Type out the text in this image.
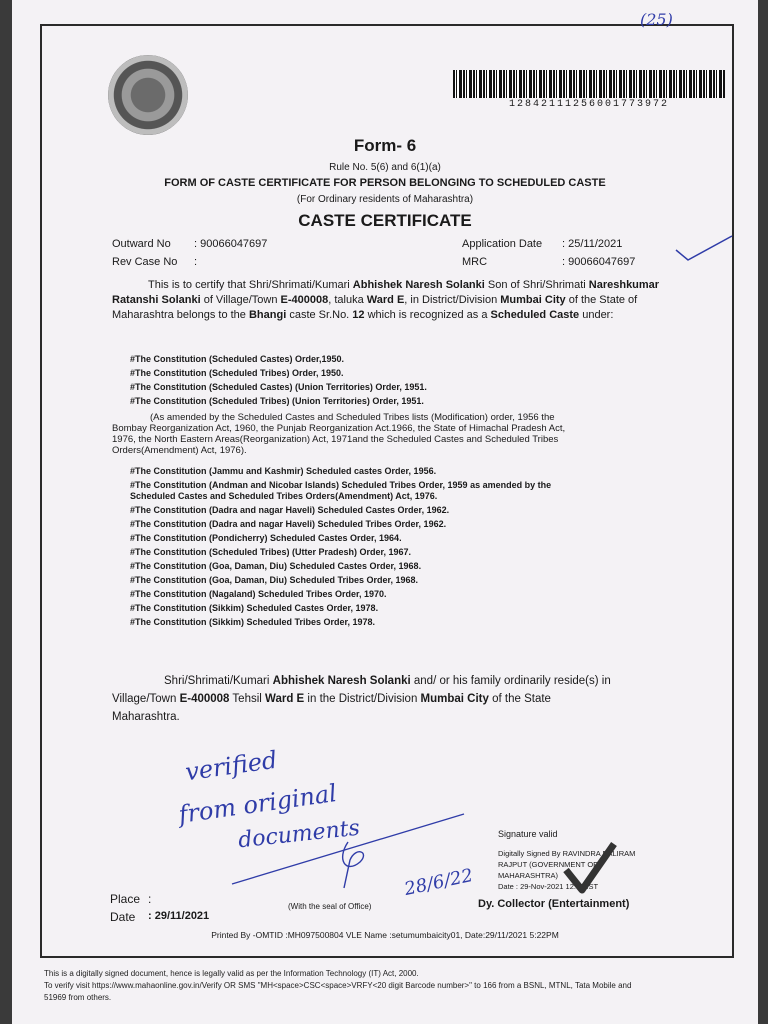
12842111256001773972
(25)
Form- 6
Rule No. 5(6) and 6(1)(a)
FORM OF CASTE CERTIFICATE FOR PERSON BELONGING TO SCHEDULED CASTE
(For Ordinary residents of Maharashtra)
CASTE CERTIFICATE
Outward No : 90066047697
Rev Case No :
Application Date : 25/11/2021
MRC	: 90066047697
This is to certify that Shri/Shrimati/Kumari Abhishek Naresh Solanki Son of Shri/Shrimati Nareshkumar Ratanshi Solanki of Village/Town E-400008, taluka Ward E, in District/Division Mumbai City of the State of Maharashtra belongs to the Bhangi caste Sr.No. 12 which is recognized as a Scheduled Caste under:
#The Constitution (Scheduled Castes) Order,1950.
#The Constitution (Scheduled Tribes) Order, 1950.
#The Constitution (Scheduled Castes) (Union Territories) Order, 1951.
#The Constitution (Scheduled Tribes) (Union Territories) Order, 1951.
(As amended by the Scheduled Castes and Scheduled Tribes lists (Modification) order, 1956 the
Bombay Reorganization Act, 1960, the Punjab Reorganization Act.1966, the State of Himachal Pradesh Act,
1976, the North Eastern Areas(Reorganization) Act, 1971and the Scheduled Castes and Scheduled Tribes
Orders(Amendment) Act, 1976).
#The Constitution (Jammu and Kashmir) Scheduled castes Order, 1956.
#The Constitution (Andman and Nicobar Islands) Scheduled Tribes Order, 1959 as amended by the
Scheduled Castes and Scheduled Tribes Orders(Amendment) Act, 1976.
#The Constitution (Dadra and nagar Haveli) Scheduled Castes Order, 1962.
#The Constitution (Dadra and nagar Haveli) Scheduled Tribes Order, 1962.
#The Constitution (Pondicherry) Scheduled Castes Order, 1964.
#The Constitution (Scheduled Tribes) (Utter Pradesh) Order, 1967.
#The Constitution (Goa, Daman, Diu) Scheduled Castes Order, 1968.
#The Constitution (Goa, Daman, Diu) Scheduled Tribes Order, 1968.
#The Constitution (Nagaland) Scheduled Tribes Order, 1970.
#The Constitution (Sikkim) Scheduled Castes Order, 1978.
#The Constitution (Sikkim) Scheduled Tribes Order, 1978.
Shri/Shrimati/Kumari Abhishek Naresh Solanki and/ or his family ordinarily reside(s) in
Village/Town E-400008 Tehsil Ward E in the District/Division Mumbai City of the State
Maharashtra.
verified
from original
documents
28/6/22
Signature valid
Digitally Signed By RAVINDRA BALIRAM
RAJPUT (GOVERNMENT OF
MAHARASHTRA)
Date : 29-Nov-2021 12:42 IST
Dy. Collector (Entertainment)
Place :
Date : 29/11/2021
(With the seal of Office)
Printed By -OMTID :MH097500804 VLE Name :setumumbaicity01, Date:29/11/2021 5:22PM
This is a digitally signed document, hence is legally valid as per the Information Technology (IT) Act, 2000.
To verify visit https://www.mahaonline.gov.in/Verify OR SMS "MH<space>CSC<space>VRFY<20 digit Barcode number>" to 166 from a BSNL, MTNL, Tata Mobile and
51969 from others.
